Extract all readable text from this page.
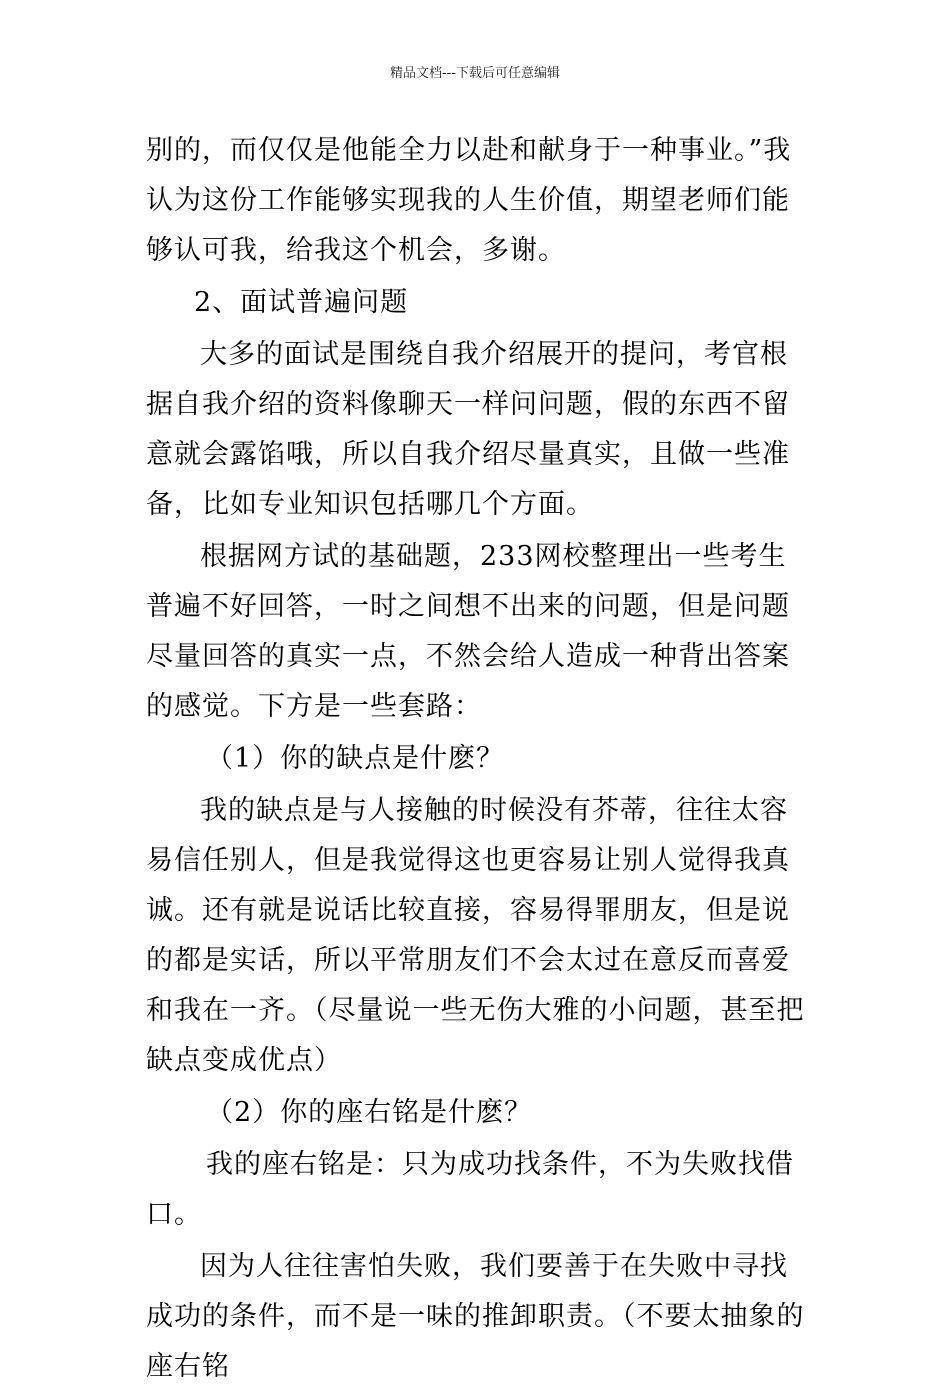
精品文档---下载后可任意编辑

别的，而仅仅是他能全力以赴和献身于一种事业。”我认为这份工作能够实现我的人生价值，期望老师们能够认可我，给我这个机会，多谢。

2、面试普遍问题

大多的面试是围绕自我介绍展开的提问，考官根据自我介绍的资料像聊天一样问问题，假的东西不留意就会露馅哦，所以自我介绍尽量真实，且做一些准备，比如专业知识包括哪几个方面。

根据网方试的基础题，233网校整理出一些考生普遍不好回答，一时之间想不出来的问题，但是问题尽量回答的真实一点，不然会给人造成一种背出答案的感觉。下方是一些套路：

（1）你的缺点是什麽？

我的缺点是与人接触的时候没有芥蒂，往往太容易信任别人，但是我觉得这也更容易让别人觉得我真诚。还有就是说话比较直接，容易得罪朋友，但是说的都是实话，所以平常朋友们不会太过在意反而喜爱和我在一齐。（尽量说一些无伤大雅的小问题，甚至把缺点变成优点）

（2）你的座右铭是什麽？

我的座右铭是：只为成功找条件，不为失败找借口。

因为人往往害怕失败，我们要善于在失败中寻找成功的条件，而不是一味的推卸职责。（不要太抽象的座右铭
